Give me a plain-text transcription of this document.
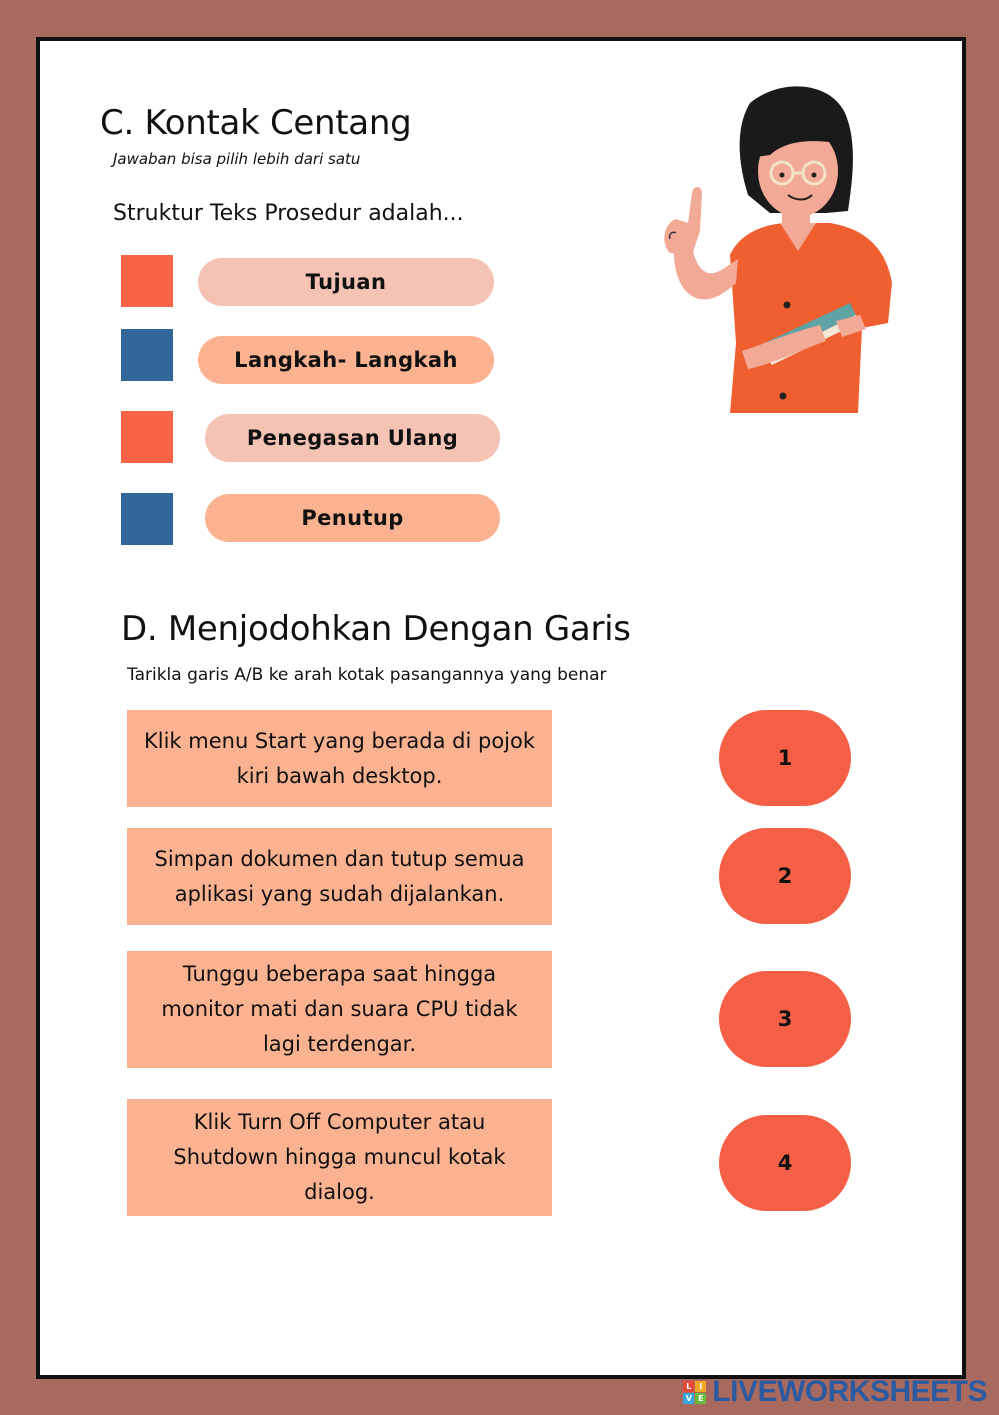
C. Kontak Centang
Jawaban bisa pilih lebih dari satu
Struktur Teks Prosedur adalah...
Tujuan
Langkah- Langkah
Penegasan Ulang
Penutup
D. Menjodohkan Dengan Garis
Tarikla garis A/B ke arah kotak pasangannya yang benar
Klik menu Start yang berada di pojok kiri bawah desktop.
Simpan dokumen dan tutup semua aplikasi yang sudah dijalankan.
Tunggu beberapa saat hingga monitor mati dan suara CPU tidak lagi terdengar.
Klik Turn Off Computer atau Shutdown hingga muncul kotak dialog.
1
2
3
4
L I
V E LIVEWORKSHEETS
